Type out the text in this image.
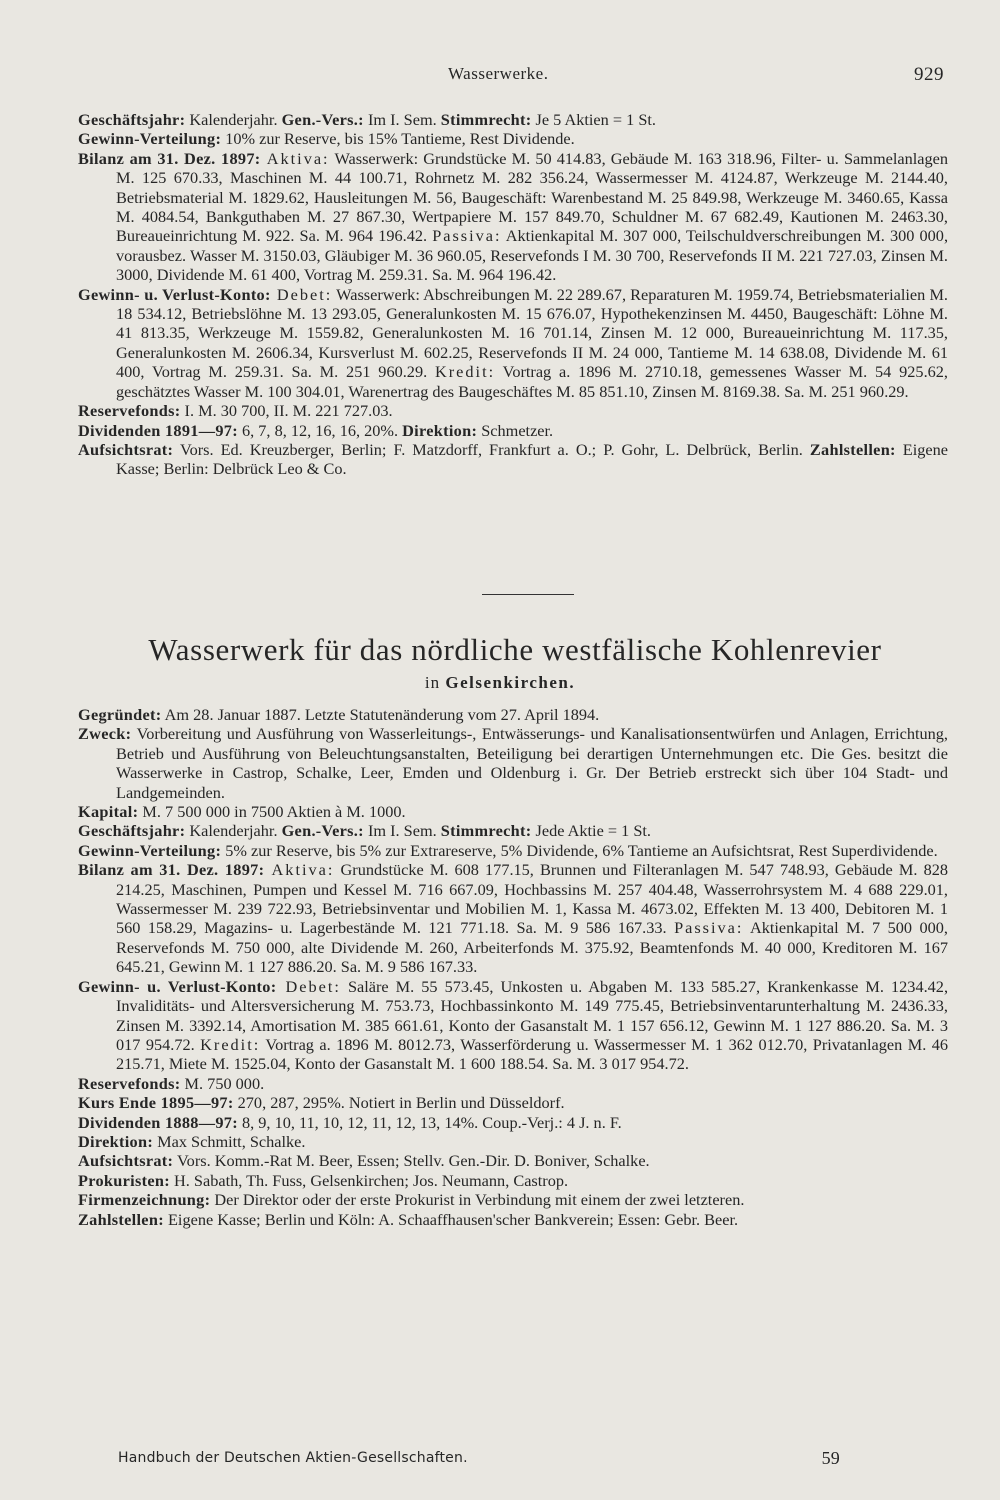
Wasserwerke.	929

Geschäftsjahr: Kalenderjahr. Gen.-Vers.: Im I. Sem. Stimmrecht: Je 5 Aktien = 1 St.

Gewinn-Verteilung: 10% zur Reserve, bis 15% Tantieme, Rest Dividende.

Bilanz am 31. Dez. 1897: Aktiva: Wasserwerk: Grundstücke M. 50 414.83, Gebäude M. 163 318.96, Filter- u. Sammelanlagen M. 125 670.33, Maschinen M. 44 100.71, Rohrnetz M. 282 356.24, Wassermesser M. 4124.87, Werkzeuge M. 2144.40, Betriebsmaterial M. 1829.62, Hausleitungen M. 56, Baugeschäft: Warenbestand M. 25 849.98, Werkzeuge M. 3460.65, Kassa M. 4084.54, Bankguthaben M. 27 867.30, Wertpapiere M. 157 849.70, Schuldner M. 67 682.49, Kautionen M. 2463.30, Bureaueinrichtung M. 922. Sa. M. 964 196.42. Passiva: Aktienkapital M. 307 000, Teilschuldverschreibungen M. 300 000, vorausbez. Wasser M. 3150.03, Gläubiger M. 36 960.05, Reservefonds I M. 30 700, Reservefonds II M. 221 727.03, Zinsen M. 3000, Dividende M. 61 400, Vortrag M. 259.31. Sa. M. 964 196.42.

Gewinn- u. Verlust-Konto: Debet: Wasserwerk: Abschreibungen M. 22 289.67, Reparaturen M. 1959.74, Betriebsmaterialien M. 18 534.12, Betriebslöhne M. 13 293.05, Generalunkosten M. 15 676.07, Hypothekenzinsen M. 4450, Baugeschäft: Löhne M. 41 813.35, Werkzeuge M. 1559.82, Generalunkosten M. 16 701.14, Zinsen M. 12 000, Bureaueinrichtung M. 117.35, Generalunkosten M. 2606.34, Kursverlust M. 602.25, Reservefonds II M. 24 000, Tantieme M. 14 638.08, Dividende M. 61 400, Vortrag M. 259.31. Sa. M. 251 960.29. Kredit: Vortrag a. 1896 M. 2710.18, gemessenes Wasser M. 54 925.62, geschätztes Wasser M. 100 304.01, Warenertrag des Baugeschäftes M. 85 851.10, Zinsen M. 8169.38. Sa. M. 251 960.29.

Reservefonds: I. M. 30 700, II. M. 221 727.03.

Dividenden 1891—97: 6, 7, 8, 12, 16, 16, 20%. Direktion: Schmetzer.

Aufsichtsrat: Vors. Ed. Kreuzberger, Berlin; F. Matzdorff, Frankfurt a. O.; P. Gohr, L. Delbrück, Berlin. Zahlstellen: Eigene Kasse; Berlin: Delbrück Leo & Co.

Wasserwerk für das nördliche westfälische Kohlenrevier
in Gelsenkirchen.

Gegründet: Am 28. Januar 1887. Letzte Statutenänderung vom 27. April 1894.

Zweck: Vorbereitung und Ausführung von Wasserleitungs-, Entwässerungs- und Kanalisationsentwürfen und Anlagen, Errichtung, Betrieb und Ausführung von Beleuchtungsanstalten, Beteiligung bei derartigen Unternehmungen etc. Die Ges. besitzt die Wasserwerke in Castrop, Schalke, Leer, Emden und Oldenburg i. Gr. Der Betrieb erstreckt sich über 104 Stadt- und Landgemeinden.

Kapital: M. 7 500 000 in 7500 Aktien à M. 1000.

Geschäftsjahr: Kalenderjahr. Gen.-Vers.: Im I. Sem. Stimmrecht: Jede Aktie = 1 St.

Gewinn-Verteilung: 5% zur Reserve, bis 5% zur Extrareserve, 5% Dividende, 6% Tantieme an Aufsichtsrat, Rest Superdividende.

Bilanz am 31. Dez. 1897: Aktiva: Grundstücke M. 608 177.15, Brunnen und Filteranlagen M. 547 748.93, Gebäude M. 828 214.25, Maschinen, Pumpen und Kessel M. 716 667.09, Hochbassins M. 257 404.48, Wasserrohrsystem M. 4 688 229.01, Wassermesser M. 239 722.93, Betriebsinventar und Mobilien M. 1, Kassa M. 4673.02, Effekten M. 13 400, Debitoren M. 1 560 158.29, Magazins- u. Lagerbestände M. 121 771.18. Sa. M. 9 586 167.33. Passiva: Aktienkapital M. 7 500 000, Reservefonds M. 750 000, alte Dividende M. 260, Arbeiterfonds M. 375.92, Beamtenfonds M. 40 000, Kreditoren M. 167 645.21, Gewinn M. 1 127 886.20. Sa. M. 9 586 167.33.

Gewinn- u. Verlust-Konto: Debet: Saläre M. 55 573.45, Unkosten u. Abgaben M. 133 585.27, Krankenkasse M. 1234.42, Invaliditäts- und Altersversicherung M. 753.73, Hochbassinkonto M. 149 775.45, Betriebsinventarunterhaltung M. 2436.33, Zinsen M. 3392.14, Amortisation M. 385 661.61, Konto der Gasanstalt M. 1 157 656.12, Gewinn M. 1 127 886.20. Sa. M. 3 017 954.72. Kredit: Vortrag a. 1896 M. 8012.73, Wasserförderung u. Wassermesser M. 1 362 012.70, Privatanlagen M. 46 215.71, Miete M. 1525.04, Konto der Gasanstalt M. 1 600 188.54. Sa. M. 3 017 954.72.

Reservefonds: M. 750 000.

Kurs Ende 1895—97: 270, 287, 295%. Notiert in Berlin und Düsseldorf.

Dividenden 1888—97: 8, 9, 10, 11, 10, 12, 11, 12, 13, 14%. Coup.-Verj.: 4 J. n. F.

Direktion: Max Schmitt, Schalke.

Aufsichtsrat: Vors. Komm.-Rat M. Beer, Essen; Stellv. Gen.-Dir. D. Boniver, Schalke.

Prokuristen: H. Sabath, Th. Fuss, Gelsenkirchen; Jos. Neumann, Castrop.

Firmenzeichnung: Der Direktor oder der erste Prokurist in Verbindung mit einem der zwei letzteren.

Zahlstellen: Eigene Kasse; Berlin und Köln: A. Schaaffhausen'scher Bankverein; Essen: Gebr. Beer.

Handbuch der Deutschen Aktien-Gesellschaften.	59
